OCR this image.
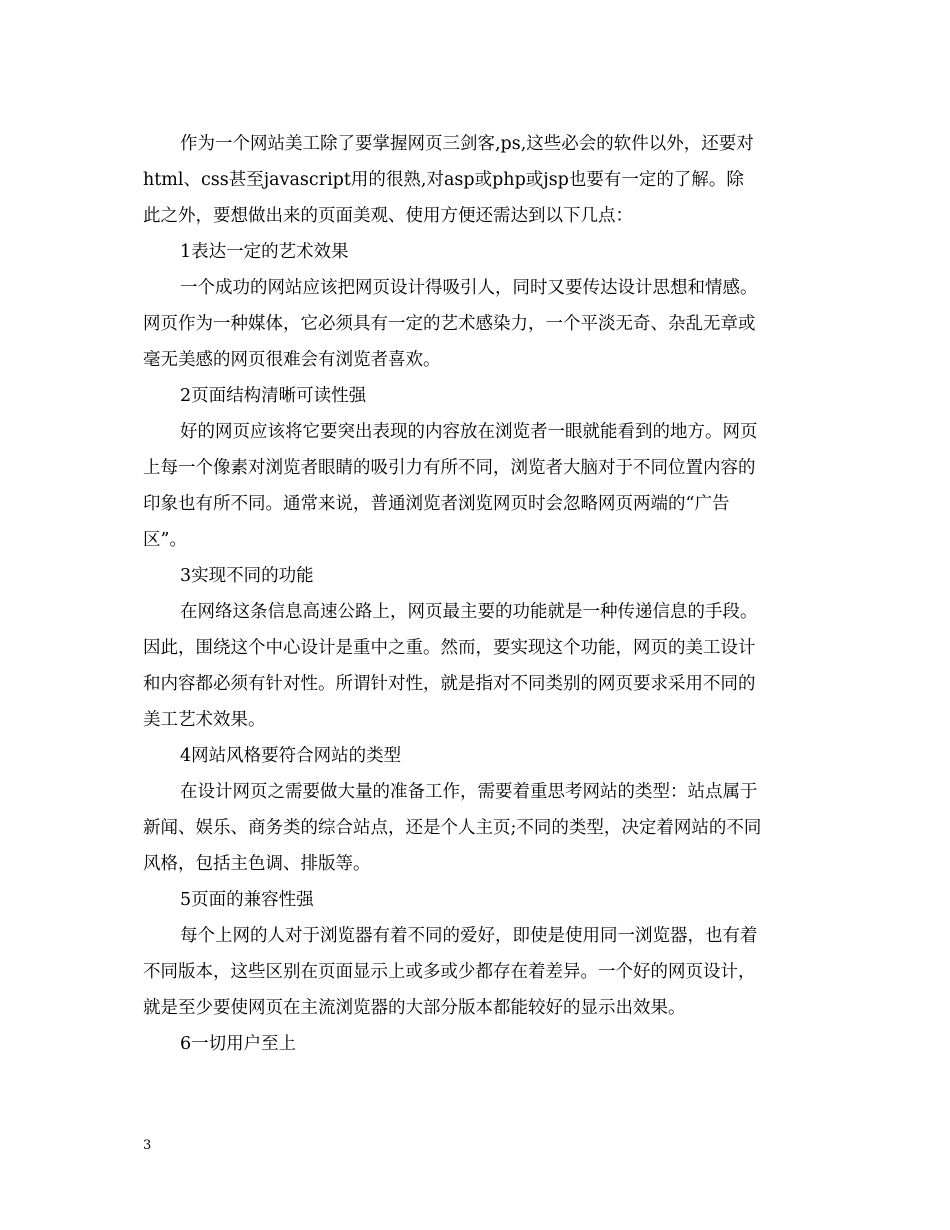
作为一个网站美工除了要掌握网页三剑客,ps,这些必会的软件以外，还要对
html、css甚至javascript用的很熟,对asp或php或jsp也要有一定的了解。除
此之外，要想做出来的页面美观、使用方便还需达到以下几点：
1表达一定的艺术效果
一个成功的网站应该把网页设计得吸引人，同时又要传达设计思想和情感。
网页作为一种媒体，它必须具有一定的艺术感染力，一个平淡无奇、杂乱无章或
毫无美感的网页很难会有浏览者喜欢。
2页面结构清晰可读性强
好的网页应该将它要突出表现的内容放在浏览者一眼就能看到的地方。网页
上每一个像素对浏览者眼睛的吸引力有所不同，浏览者大脑对于不同位置内容的
印象也有所不同。通常来说，普通浏览者浏览网页时会忽略网页两端的“广告
区”。
3实现不同的功能
在网络这条信息高速公路上，网页最主要的功能就是一种传递信息的手段。
因此，围绕这个中心设计是重中之重。然而，要实现这个功能，网页的美工设计
和内容都必须有针对性。所谓针对性，就是指对不同类别的网页要求采用不同的
美工艺术效果。
4网站风格要符合网站的类型
在设计网页之需要做大量的准备工作，需要着重思考网站的类型：站点属于
新闻、娱乐、商务类的综合站点，还是个人主页;不同的类型，决定着网站的不同
风格，包括主色调、排版等。
5页面的兼容性强
每个上网的人对于浏览器有着不同的爱好，即使是使用同一浏览器，也有着
不同版本，这些区别在页面显示上或多或少都存在着差异。一个好的网页设计，
就是至少要使网页在主流浏览器的大部分版本都能较好的显示出效果。
6一切用户至上
3
